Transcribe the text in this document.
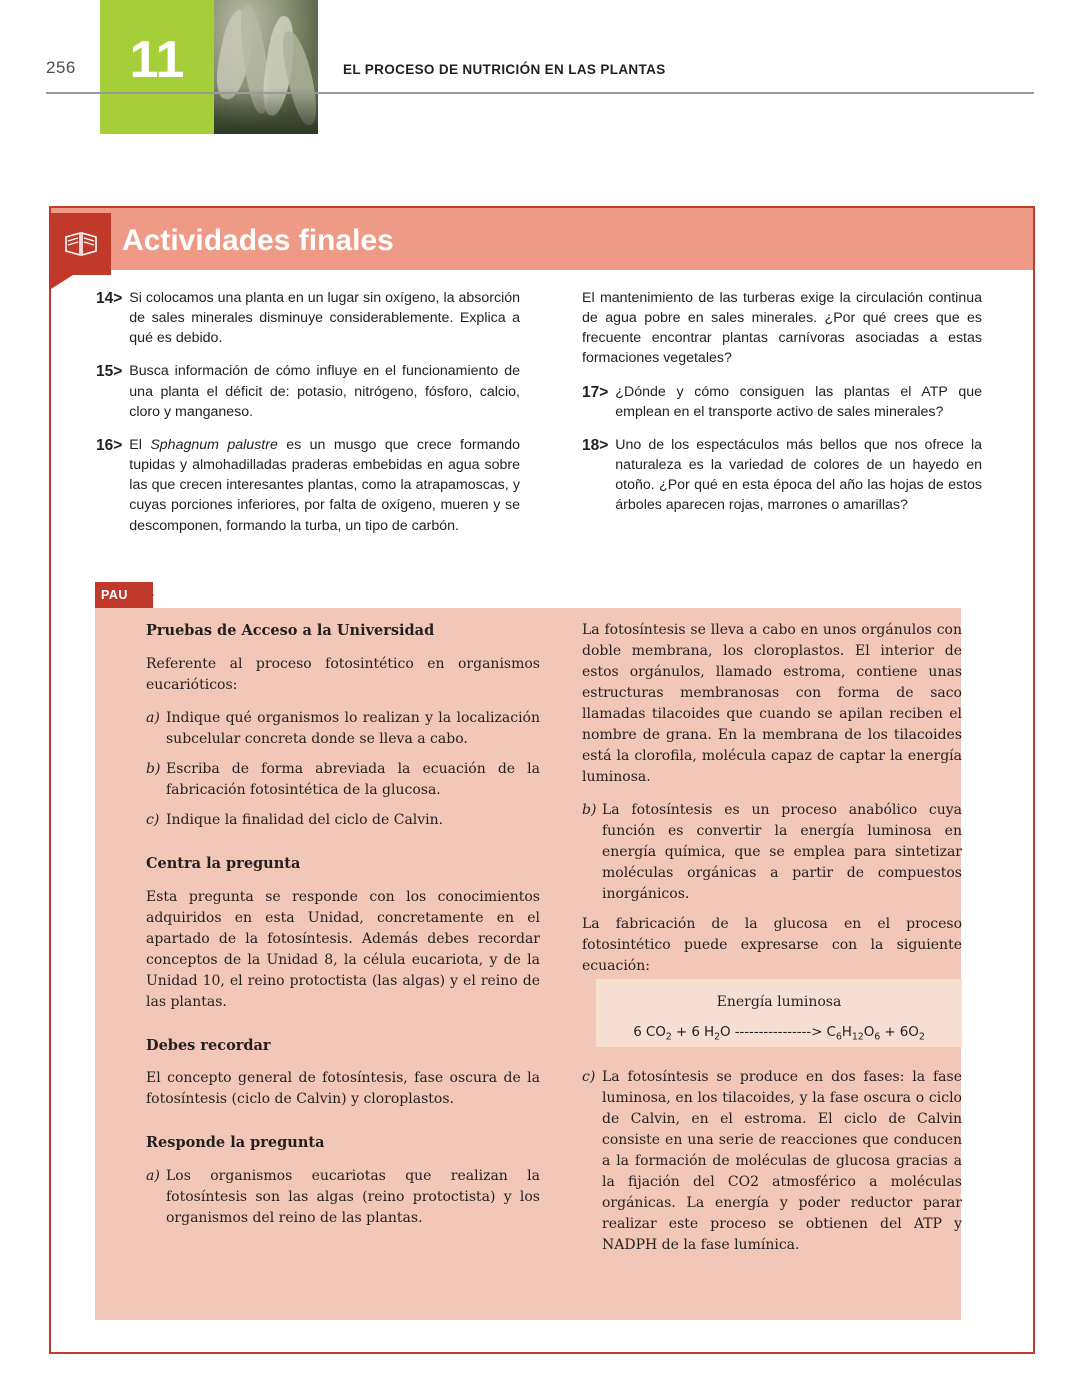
256	11	EL PROCESO DE NUTRICIÓN EN LAS PLANTAS
Actividades finales
14> Si colocamos una planta en un lugar sin oxígeno, la absorción de sales minerales disminuye considerablemente. Explica a qué es debido.
15> Busca información de cómo influye en el funcionamiento de una planta el déficit de: potasio, nitrógeno, fósforo, calcio, cloro y manganeso.
16> El Sphagnum palustre es un musgo que crece formando tupidas y almohadilladas praderas embebidas en agua sobre las que crecen interesantes plantas, como la atrapamoscas, y cuyas porciones inferiores, por falta de oxígeno, mueren y se descomponen, formando la turba, un tipo de carbón.
El mantenimiento de las turberas exige la circulación continua de agua pobre en sales minerales. ¿Por qué crees que es frecuente encontrar plantas carnívoras asociadas a estas formaciones vegetales?
17> ¿Dónde y cómo consiguen las plantas el ATP que emplean en el transporte activo de sales minerales?
18> Uno de los espectáculos más bellos que nos ofrece la naturaleza es la variedad de colores de un hayedo en otoño. ¿Por qué en esta época del año las hojas de estos árboles aparecen rojas, marrones o amarillas?
PAU
Pruebas de Acceso a la Universidad
Referente al proceso fotosintético en organismos eucarióticos:
a) Indique qué organismos lo realizan y la localización subcelular concreta donde se lleva a cabo.
b) Escriba de forma abreviada la ecuación de la fabricación fotosintética de la glucosa.
c) Indique la finalidad del ciclo de Calvin.
Centra la pregunta
Esta pregunta se responde con los conocimientos adquiridos en esta Unidad, concretamente en el apartado de la fotosíntesis. Además debes recordar conceptos de la Unidad 8, la célula eucariota, y de la Unidad 10, el reino protoctista (las algas) y el reino de las plantas.
Debes recordar
El concepto general de fotosíntesis, fase oscura de la fotosíntesis (ciclo de Calvin) y cloroplastos.
Responde la pregunta
a) Los organismos eucariotas que realizan la fotosíntesis son las algas (reino protoctista) y los organismos del reino de las plantas.
La fotosíntesis se lleva a cabo en unos orgánulos con doble membrana, los cloroplastos. El interior de estos orgánulos, llamado estroma, contiene unas estructuras membranosas con forma de saco llamadas tilacoides que cuando se apilan reciben el nombre de grana. En la membrana de los tilacoides está la clorofila, molécula capaz de captar la energía luminosa.
b) La fotosíntesis es un proceso anabólico cuya función es convertir la energía luminosa en energía química, que se emplea para sintetizar moléculas orgánicas a partir de compuestos inorgánicos.
La fabricación de la glucosa en el proceso fotosintético puede expresarse con la siguiente ecuación:
c) La fotosíntesis se produce en dos fases: la fase luminosa, en los tilacoides, y la fase oscura o ciclo de Calvin, en el estroma. El ciclo de Calvin consiste en una serie de reacciones que conducen a la formación de moléculas de glucosa gracias a la fijación del CO2 atmosférico a moléculas orgánicas. La energía y poder reductor parar realizar este proceso se obtienen del ATP y NADPH de la fase lumínica.
Energía luminosa
6 $CO_2 + 6$ $H_2O$ ----------------> $C_6H_{12}O_6 + 6O_2$
